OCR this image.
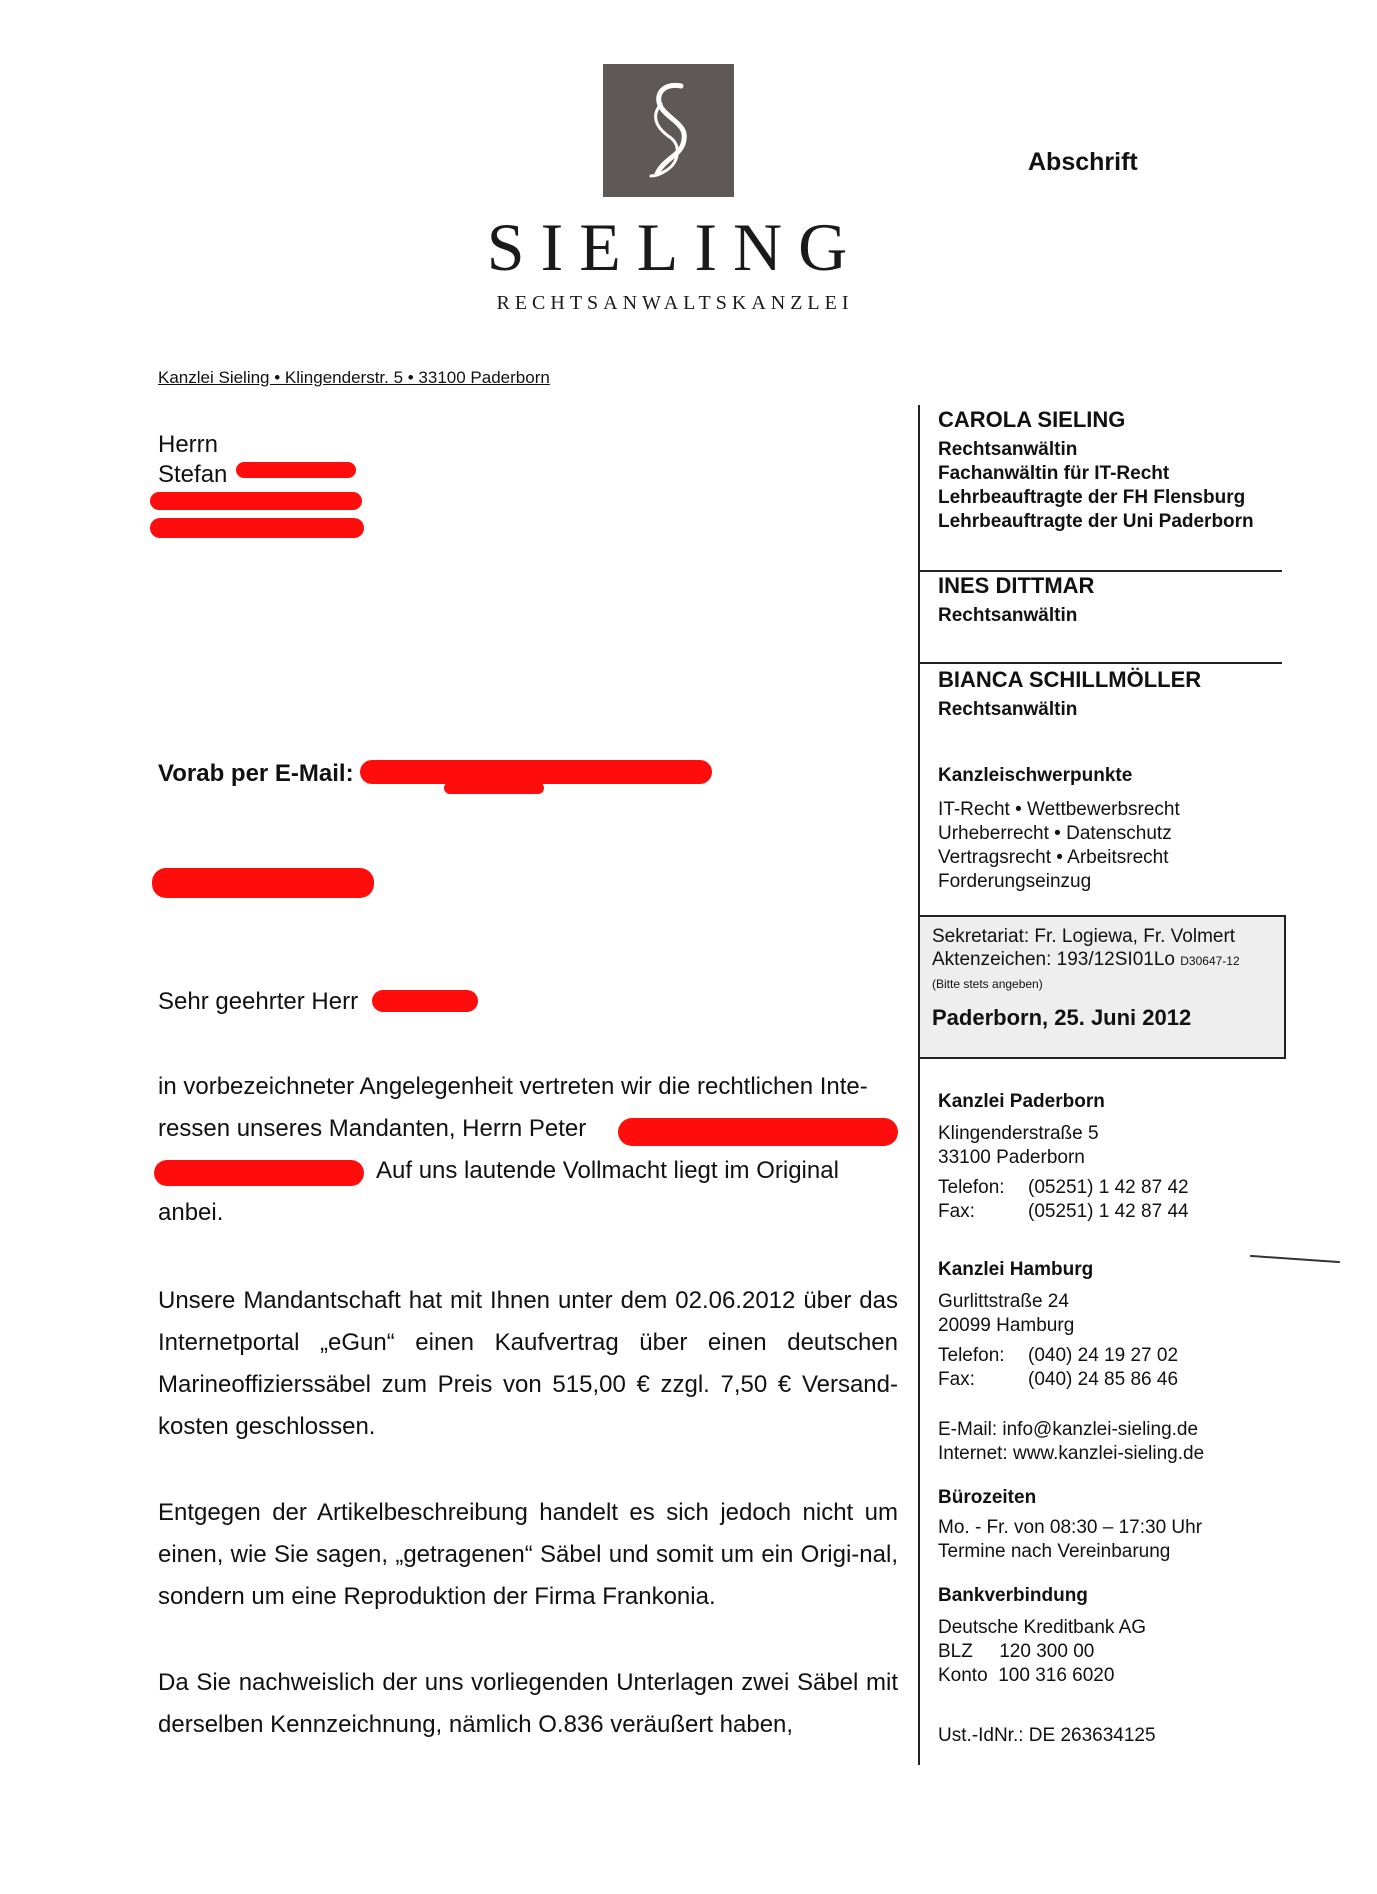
SIELING
RECHTSANWALTSKANZLEI
Abschrift
Kanzlei Sieling • Klingenderstr. 5 • 33100 Paderborn
Herrn
Stefan
Vorab per E-Mail:
Sehr geehrter Herr
in vorbezeichneter Angelegenheit vertreten wir die rechtlichen Inte-
ressen unseres Mandanten, Herrn Peter
Auf uns lautende Vollmacht liegt im Original
anbei.
Unsere Mandantschaft hat mit Ihnen unter dem 02.06.2012 über das Internetportal „eGun“ einen Kaufvertrag über einen deutschen Marineoffizierssäbel zum Preis von 515,00 € zzgl. 7,50 € Versand-kosten geschlossen.
Entgegen der Artikelbeschreibung handelt es sich jedoch nicht um einen, wie Sie sagen, „getragenen“ Säbel und somit um ein Origi-nal, sondern um eine Reproduktion der Firma Frankonia.
Da Sie nachweislich der uns vorliegenden Unterlagen zwei Säbel mit derselben Kennzeichnung, nämlich O.836 veräußert haben,
CAROLA SIELING
Rechtsanwältin
Fachanwältin für IT-Recht
Lehrbeauftragte der FH Flensburg
Lehrbeauftragte der Uni Paderborn
INES DITTMAR
Rechtsanwältin
BIANCA SCHILLMÖLLER
Rechtsanwältin
Kanzleischwerpunkte
IT-Recht • Wettbewerbsrecht
Urheberrecht • Datenschutz
Vertragsrecht • Arbeitsrecht
Forderungseinzug
Sekretariat: Fr. Logiewa, Fr. Volmert
Aktenzeichen: 193/12SI01Lo D30647-12
(Bitte stets angeben)
Paderborn, 25. Juni 2012
Kanzlei Paderborn
Klingenderstraße 5
33100 Paderborn
Telefon: (05251) 1 42 87 42
Fax:	(05251) 1 42 87 44
Kanzlei Hamburg
Gurlittstraße 24
20099 Hamburg
Telefon: (040) 24 19 27 02
Fax:	(040) 24 85 86 46
E-Mail: info@kanzlei-sieling.de
Internet: www.kanzlei-sieling.de
Bürozeiten
Mo. - Fr. von 08:30 – 17:30 Uhr
Termine nach Vereinbarung
Bankverbindung
Deutsche Kreditbank AG
BLZ     120 300 00
Konto  100 316 6020
Ust.-IdNr.: DE 263634125
